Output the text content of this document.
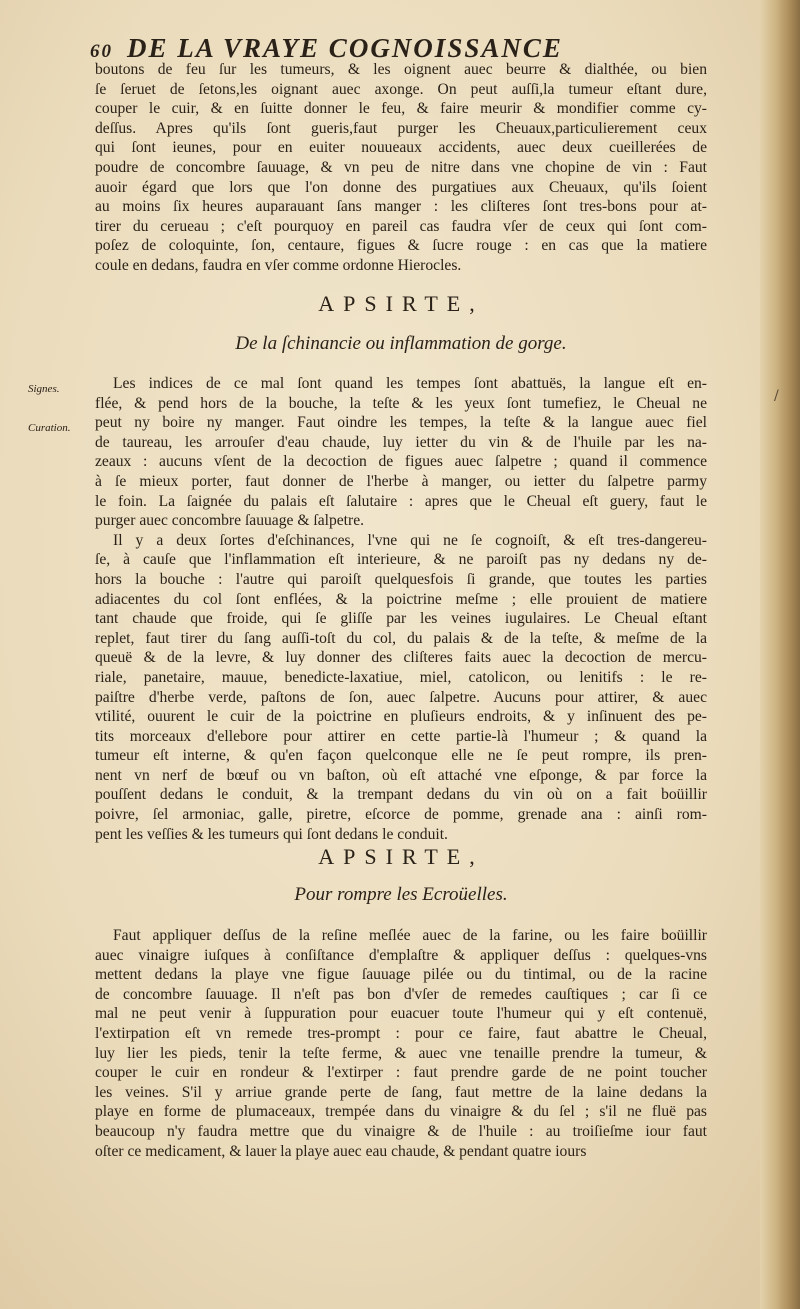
60 DE LA VRAYE COGNOISSANCE
boutons de feu ſur les tumeurs, & les oignent auec beurre & dialthée, ou bien
ſe ſeruet de ſetons,les oignant auec axonge. On peut auſſi,la tumeur eſtant dure,
couper le cuir, & en ſuitte donner le feu, & faire meurir & mondifier comme cy-
deſſus. Apres qu'ils ſont gueris,faut purger les Cheuaux,particulierement ceux
qui ſont ieunes, pour en euiter nouueaux accidents, auec deux cueillerées de
poudre de concombre ſauuage, & vn peu de nitre dans vne chopine de vin : Faut
auoir égard que lors que l'on donne des purgatiues aux Cheuaux, qu'ils ſoient
au moins ſix heures auparauant ſans manger : les cliſteres ſont tres-bons pour at-
tirer du cerueau ; c'eſt pourquoy en pareil cas faudra vſer de ceux qui ſont com-
poſez de coloquinte, ſon, centaure, figues & ſucre rouge : en cas que la matiere
coule en dedans, faudra en vſer comme ordonne Hierocles.
APSIRTE,
De la ſchinancie ou inflammation de gorge.
Signes.
Curation.
Les indices de ce mal ſont quand les tempes ſont abattuës, la langue eſt en-
flée, & pend hors de la bouche, la teſte & les yeux ſont tumefiez, le Cheual ne
peut ny boire ny manger. Faut oindre les tempes, la teſte & la langue auec fiel
de taureau, les arrouſer d'eau chaude, luy ietter du vin & de l'huile par les na-
zeaux : aucuns vſent de la decoction de figues auec ſalpetre ; quand il commence
à ſe mieux porter, faut donner de l'herbe à manger, ou ietter du ſalpetre parmy
le foin. La ſaignée du palais eſt ſalutaire : apres que le Cheual eſt guery, faut le
purger auec concombre ſauuage & ſalpetre.
Il y a deux ſortes d'eſchinances, l'vne qui ne ſe cognoiſt, & eſt tres-dangereu-
ſe, à cauſe que l'inflammation eſt interieure, & ne paroiſt pas ny dedans ny de-
hors la bouche : l'autre qui paroiſt quelquesfois ſi grande, que toutes les parties
adiacentes du col ſont enflées, & la poictrine meſme ; elle prouient de matiere
tant chaude que froide, qui ſe gliſſe par les veines iugulaires. Le Cheual eſtant
replet, faut tirer du ſang auſſi-toſt du col, du palais & de la teſte, & meſme de la
queuë & de la levre, & luy donner des cliſteres faits auec la decoction de mercu-
riale, panetaire, mauue, benedicte-laxatiue, miel, catolicon, ou lenitifs : le re-
paiſtre d'herbe verde, paſtons de ſon, auec ſalpetre. Aucuns pour attirer, & auec
vtilité, ouurent le cuir de la poictrine en pluſieurs endroits, & y inſinuent des pe-
tits morceaux d'ellebore pour attirer en cette partie-là l'humeur ; & quand la
tumeur eſt interne, & qu'en façon quelconque elle ne ſe peut rompre, ils pren-
nent vn nerf de bœuf ou vn baſton, où eſt attaché vne eſponge, & par force la
pouſſent dedans le conduit, & la trempant dedans du vin où on a fait boüillir
poivre, ſel armoniac, galle, piretre, eſcorce de pomme, grenade ana : ainſi rom-
pent les veſſies & les tumeurs qui ſont dedans le conduit.
APSIRTE,
Pour rompre les Ecroüelles.
Faut appliquer deſſus de la reſine meſlée auec de la farine, ou les faire boüillir
auec vinaigre iuſques à conſiſtance d'emplaſtre & appliquer deſſus : quelques-vns
mettent dedans la playe vne figue ſauuage pilée ou du tintimal, ou de la racine
de concombre ſauuage. Il n'eſt pas bon d'vſer de remedes cauſtiques ; car ſi ce
mal ne peut venir à ſuppuration pour euacuer toute l'humeur qui y eſt contenuë,
l'extirpation eſt vn remede tres-prompt : pour ce faire, faut abattre le Cheual,
luy lier les pieds, tenir la teſte ferme, & auec vne tenaille prendre la tumeur, &
couper le cuir en rondeur & l'extirper : faut prendre garde de ne point toucher
les veines. S'il y arriue grande perte de ſang, faut mettre de la laine dedans la
playe en forme de plumaceaux, trempée dans du vinaigre & du ſel ; s'il ne fluë pas
beaucoup n'y faudra mettre que du vinaigre & de l'huile : au troiſieſme iour faut
oſter ce medicament, & lauer la playe auec eau chaude, & pendant quatre iours
/
